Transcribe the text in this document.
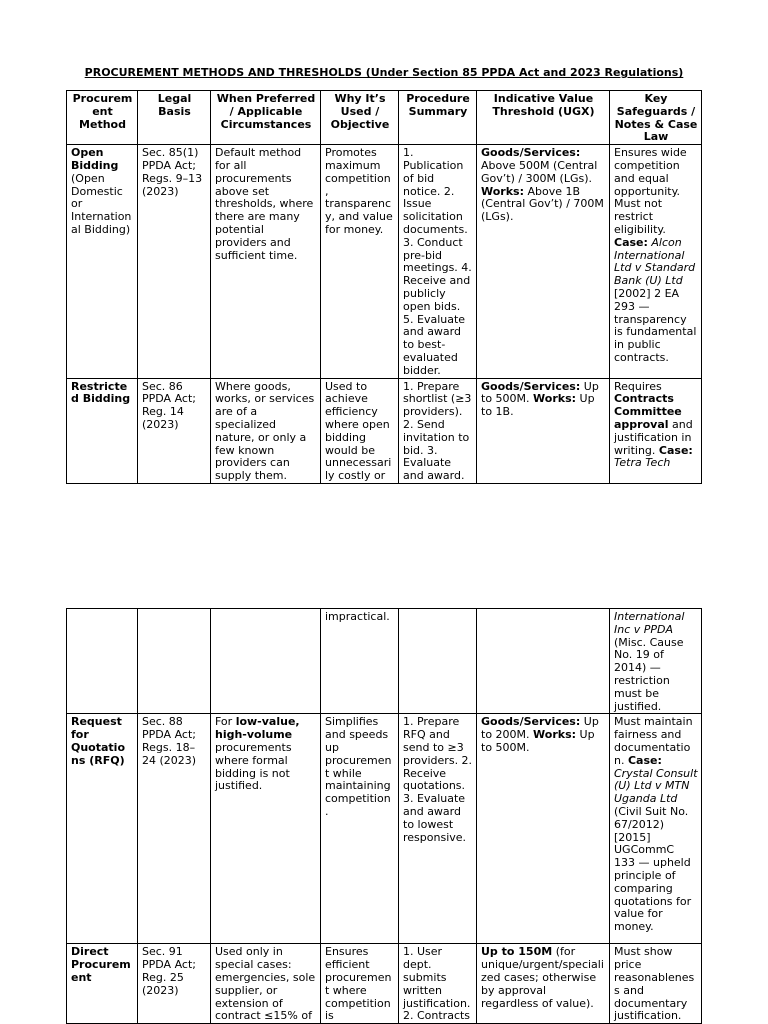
PROCUREMENT METHODS AND THRESHOLDS (Under Section 85 PPDA Act and 2023 Regulations)
Procurem ent Method	Legal Basis	When Preferred / Applicable Circumstances	Why It’s Used / Objective	Procedure Summary	Indicative Value Threshold (UGX)	Key Safeguards / Notes & Case Law
Open Bidding (Open Domestic or Internation al Bidding)	Sec. 85(1) PPDA Act; Regs. 9–13 (2023)	Default method for all procurements above set thresholds, where there are many potential providers and sufficient time.	Promotes maximum competition , transparenc y, and value for money.	1. Publication of bid notice. 2. Issue solicitation documents. 3. Conduct pre-bid meetings. 4. Receive and publicly open bids. 5. Evaluate and award to best-evaluated bidder.	Goods/Services: Above 500M (Central Gov’t) / 300M (LGs). Works: Above 1B (Central Gov’t) / 700M (LGs).	Ensures wide competition and equal opportunity. Must not restrict eligibility. Case: Alcon International Ltd v Standard Bank (U) Ltd [2002] 2 EA 293 — transparency is fundamental in public contracts.
Restricte d Bidding	Sec. 86 PPDA Act; Reg. 14 (2023)	Where goods, works, or services are of a specialized nature, or only a few known providers can supply them.	Used to achieve efficiency where open bidding would be unnecessari ly costly or	1. Prepare shortlist (≥3 providers). 2. Send invitation to bid. 3. Evaluate and award.	Goods/Services: Up to 500M. Works: Up to 1B.	Requires Contracts Committee approval and justification in writing. Case: Tetra Tech
			impractical.			International Inc v PPDA (Misc. Cause No. 19 of 2014) — restriction must be justified.
Request for Quotatio ns (RFQ)	Sec. 88 PPDA Act; Regs. 18–24 (2023)	For low-value, high-volume procurements where formal bidding is not justified.	Simplifies and speeds up procuremen t while maintaining competition .	1. Prepare RFQ and send to ≥3 providers. 2. Receive quotations. 3. Evaluate and award to lowest responsive.	Goods/Services: Up to 200M. Works: Up to 500M.	Must maintain fairness and documentatio n. Case: Crystal Consult (U) Ltd v MTN Uganda Ltd (Civil Suit No. 67/2012) [2015] UGCommC 133 — upheld principle of comparing quotations for value for money.
Direct Procurem ent	Sec. 91 PPDA Act; Reg. 25 (2023)	Used only in special cases: emergencies, sole supplier, or extension of contract ≤15% of	Ensures efficient procuremen t where competition is	1. User dept. submits written justification. 2. Contracts	Up to 150M (for unique/urgent/speciali zed cases; otherwise by approval regardless of value).	Must show price reasonablenes s and documentary justification.
